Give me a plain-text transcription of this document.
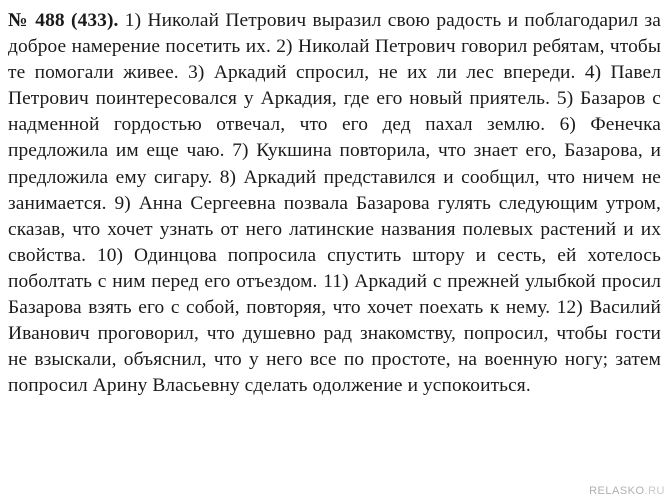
№ 488 (433). 1) Николай Петрович выразил свою радость и поблагодарил за доброе намерение посетить их. 2) Николай Петрович говорил ребятам, чтобы те помогали живее. 3) Аркадий спросил, не их ли лес впереди. 4) Павел Петрович поинтересовался у Аркадия, где его новый приятель. 5) Базаров с надменной гордостью отвечал, что его дед пахал землю. 6) Фенечка предложила им еще чаю. 7) Кукшина повторила, что знает его, Базарова, и предложила ему сигару. 8) Аркадий представился и сообщил, что ничем не занимается. 9) Анна Сергеевна позвала Базарова гулять следующим утром, сказав, что хочет узнать от него латинские названия полевых растений и их свойства. 10) Одинцова попросила спустить штору и сесть, ей хотелось поболтать с ним перед его отъездом. 11) Аркадий с прежней улыбкой просил Базарова взять его с собой, повторяя, что хочет поехать к нему. 12) Василий Иванович проговорил, что душевно рад знакомству, попросил, чтобы гости не взыскали, объяснил, что у него все по простоте, на военную ногу; затем попросил Арину Власьевну сделать одолжение и успокоиться.
RELASKO.RU
